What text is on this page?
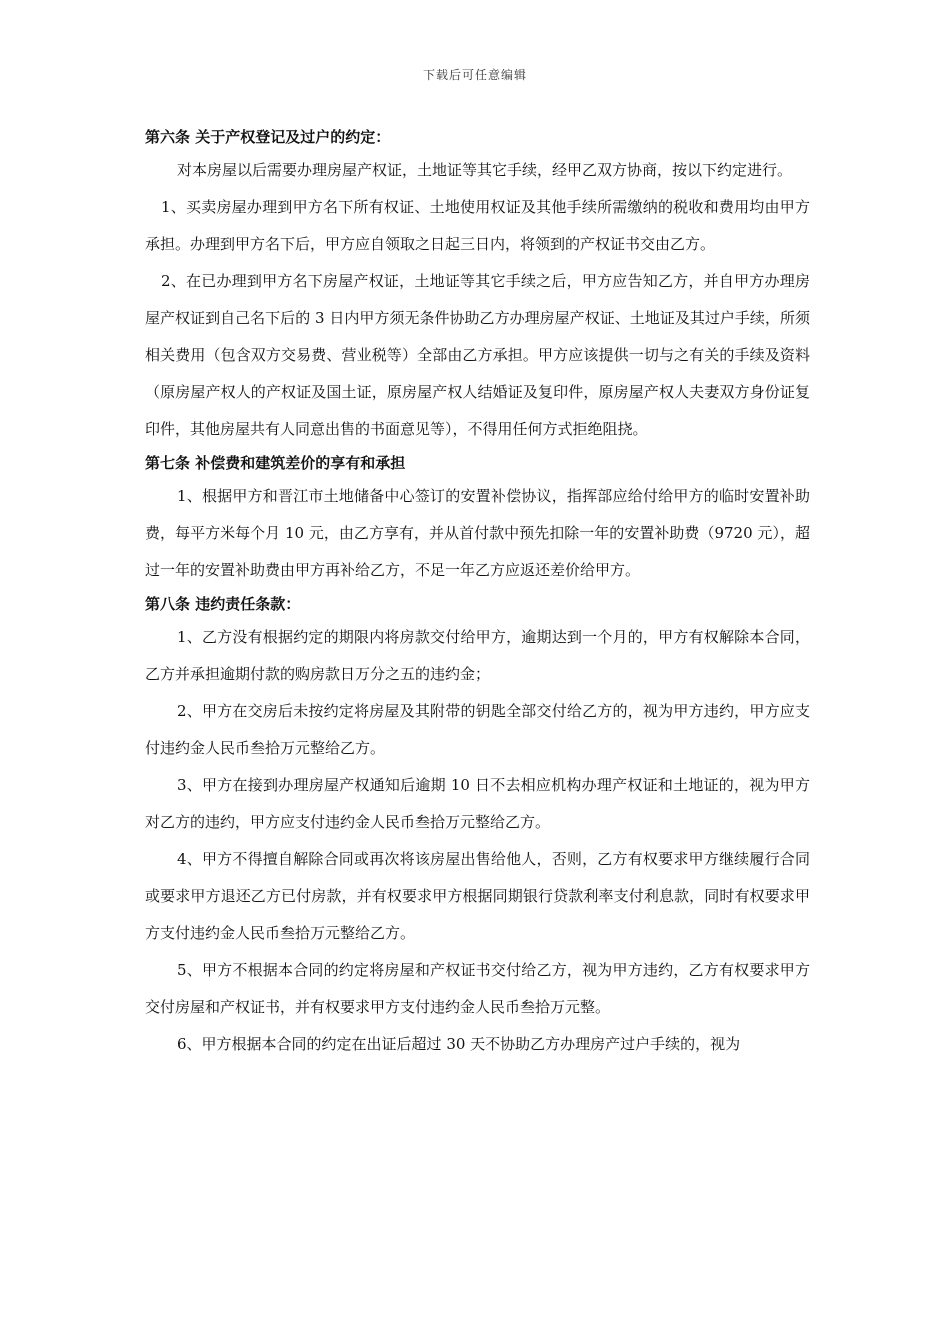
下载后可任意编辑

第六条 关于产权登记及过户的约定：

对本房屋以后需要办理房屋产权证，土地证等其它手续，经甲乙双方协商，按以下约定进行。

1、买卖房屋办理到甲方名下所有权证、土地使用权证及其他手续所需缴纳的税收和费用均由甲方承担。办理到甲方名下后，甲方应自领取之日起三日内，将领到的产权证书交由乙方。

2、在已办理到甲方名下房屋产权证，土地证等其它手续之后，甲方应告知乙方，并自甲方办理房屋产权证到自己名下后的 3 日内甲方须无条件协助乙方办理房屋产权证、土地证及其过户手续，所须相关费用（包含双方交易费、营业税等）全部由乙方承担。甲方应该提供一切与之有关的手续及资料（原房屋产权人的产权证及国土证，原房屋产权人结婚证及复印件，原房屋产权人夫妻双方身份证复印件，其他房屋共有人同意出售的书面意见等），不得用任何方式拒绝阻挠。

第七条 补偿费和建筑差价的享有和承担

1、根据甲方和晋江市土地储备中心签订的安置补偿协议，指挥部应给付给甲方的临时安置补助费，每平方米每个月 10 元，由乙方享有，并从首付款中预先扣除一年的安置补助费（9720 元），超过一年的安置补助费由甲方再补给乙方，不足一年乙方应返还差价给甲方。

第八条 违约责任条款：

1、乙方没有根据约定的期限内将房款交付给甲方，逾期达到一个月的，甲方有权解除本合同，乙方并承担逾期付款的购房款日万分之五的违约金；

2、甲方在交房后未按约定将房屋及其附带的钥匙全部交付给乙方的，视为甲方违约，甲方应支付违约金人民币叁拾万元整给乙方。

3、甲方在接到办理房屋产权通知后逾期 10 日不去相应机构办理产权证和土地证的，视为甲方对乙方的违约，甲方应支付违约金人民币叁拾万元整给乙方。

4、甲方不得擅自解除合同或再次将该房屋出售给他人，否则，乙方有权要求甲方继续履行合同或要求甲方退还乙方已付房款，并有权要求甲方根据同期银行贷款利率支付利息款，同时有权要求甲方支付违约金人民币叁拾万元整给乙方。

5、甲方不根据本合同的约定将房屋和产权证书交付给乙方，视为甲方违约，乙方有权要求甲方交付房屋和产权证书，并有权要求甲方支付违约金人民币叁拾万元整。

6、甲方根据本合同的约定在出证后超过 30 天不协助乙方办理房产过户手续的，视为
